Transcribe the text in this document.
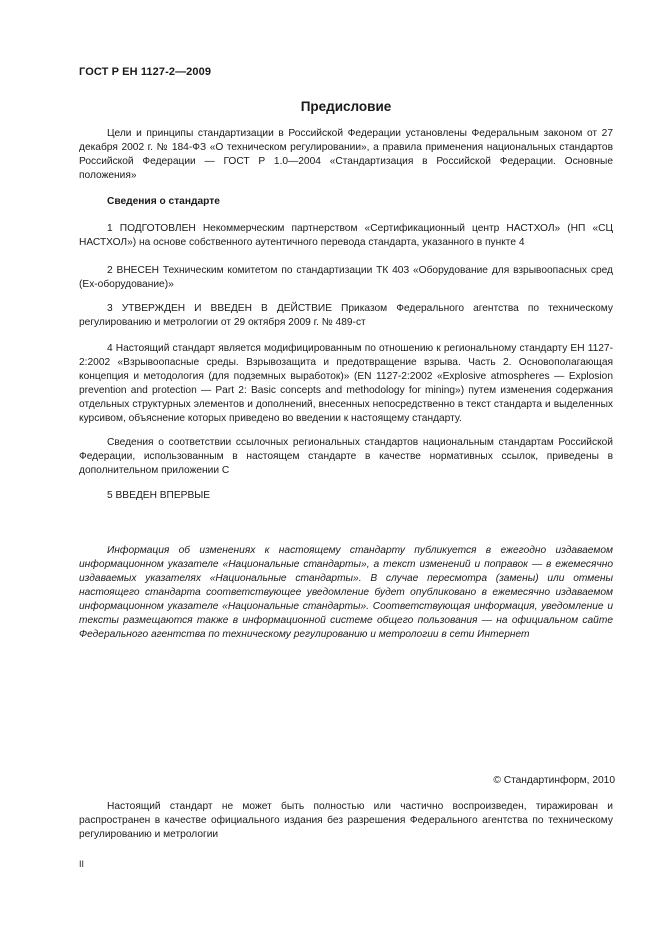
ГОСТ Р ЕН 1127-2—2009
Предисловие

Цели и принципы стандартизации в Российской Федерации установлены Федеральным законом от 27 декабря 2002 г. № 184-ФЗ «О техническом регулировании», а правила применения национальных стандартов Российской Федерации — ГОСТ Р 1.0—2004 «Стандартизация в Российской Федерации. Основные положения»

Сведения о стандарте

1 ПОДГОТОВЛЕН Некоммерческим партнерством «Сертификационный центр НАСТХОЛ» (НП «СЦ НАСТХОЛ») на основе собственного аутентичного перевода стандарта, указанного в пункте 4

2 ВНЕСЕН Техническим комитетом по стандартизации ТК 403 «Оборудование для взрывоопасных сред (Ех-оборудование)»

3 УТВЕРЖДЕН И ВВЕДЕН В ДЕЙСТВИЕ Приказом Федерального агентства по техническому регулированию и метрологии от 29 октября 2009 г. № 489-ст

4 Настоящий стандарт является модифицированным по отношению к региональному стандарту ЕН 1127-2:2002 «Взрывоопасные среды. Взрывозащита и предотвращение взрыва. Часть 2. Основополагающая концепция и методология (для подземных выработок)» (EN 1127-2:2002 «Explosive atmospheres — Explosion prevention and protection — Part 2: Basic concepts and methodology for mining») путем изменения содержания отдельных структурных элементов и дополнений, внесенных непосредственно в текст стандарта и выделенных курсивом, объяснение которых приведено во введении к настоящему стандарту.

Сведения о соответствии ссылочных региональных стандартов национальным стандартам Российской Федерации, использованным в настоящем стандарте в качестве нормативных ссылок, приведены в дополнительном приложении С

5 ВВЕДЕН ВПЕРВЫЕ

Информация об изменениях к настоящему стандарту публикуется в ежегодно издаваемом информационном указателе «Национальные стандарты», а текст изменений и поправок — в ежемесячно издаваемых указателях «Национальные стандарты». В случае пересмотра (замены) или отмены настоящего стандарта соответствующее уведомление будет опубликовано в ежемесячно издаваемом информационном указателе «Национальные стандарты». Соответствующая информация, уведомление и тексты размещаются также в информационной системе общего пользования — на официальном сайте Федерального агентства по техническому регулированию и метрологии в сети Интернет

© Стандартинформ, 2010

Настоящий стандарт не может быть полностью или частично воспроизведен, тиражирован и распространен в качестве официального издания без разрешения Федерального агентства по техническому регулированию и метрологии

II
